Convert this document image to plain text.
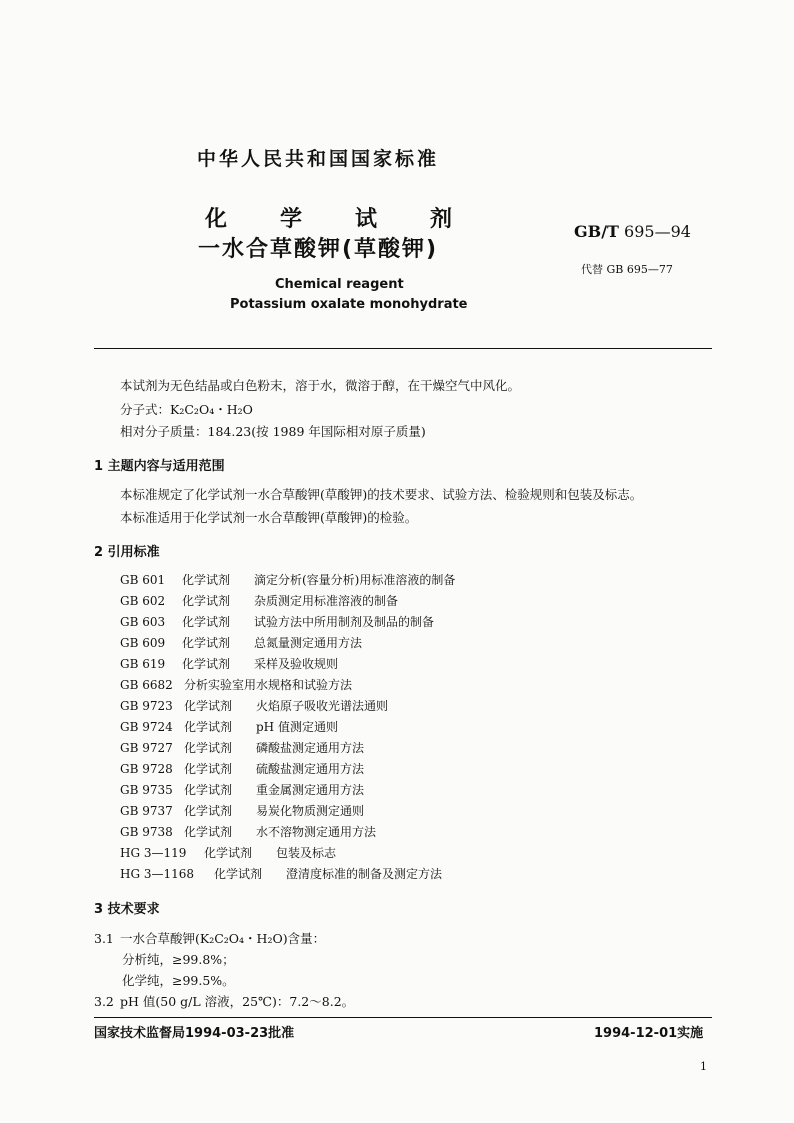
中华人民共和国国家标准
化 学 试 剂
一水合草酸钾(草酸钾)
Chemical reagent
Potassium oxalate monohydrate
GB/T 695—94
代替 GB 695—77
本试剂为无色结晶或白色粉末，溶于水，微溶于醇，在干燥空气中风化。
分子式：K₂C₂O₄・H₂O
相对分子质量：184.23(按 1989 年国际相对原子质量)
1 主题内容与适用范围
本标准规定了化学试剂一水合草酸钾(草酸钾)的技术要求、试验方法、检验规则和包装及标志。
本标准适用于化学试剂一水合草酸钾(草酸钾)的检验。
2 引用标准
GB 601 化学试剂 滴定分析(容量分析)用标准溶液的制备
GB 602 化学试剂 杂质测定用标准溶液的制备
GB 603 化学试剂 试验方法中所用制剂及制品的制备
GB 609 化学试剂 总氮量测定通用方法
GB 619 化学试剂 采样及验收规则
GB 6682 分析实验室用水规格和试验方法
GB 9723 化学试剂 火焰原子吸收光谱法通则
GB 9724 化学试剂 pH 值测定通则
GB 9727 化学试剂 磷酸盐测定通用方法
GB 9728 化学试剂 硫酸盐测定通用方法
GB 9735 化学试剂 重金属测定通用方法
GB 9737 化学试剂 易炭化物质测定通则
GB 9738 化学试剂 水不溶物测定通用方法
HG 3—119 化学试剂 包装及标志
HG 3—1168 化学试剂 澄清度标准的制备及测定方法
3 技术要求
3.1 一水合草酸钾(K₂C₂O₄・H₂O)含量：
分析纯，≥99.8%；
化学纯，≥99.5%。
3.2 pH 值(50 g/L 溶液，25℃)：7.2～8.2。
国家技术监督局1994-03-23批准	1994-12-01实施
1
